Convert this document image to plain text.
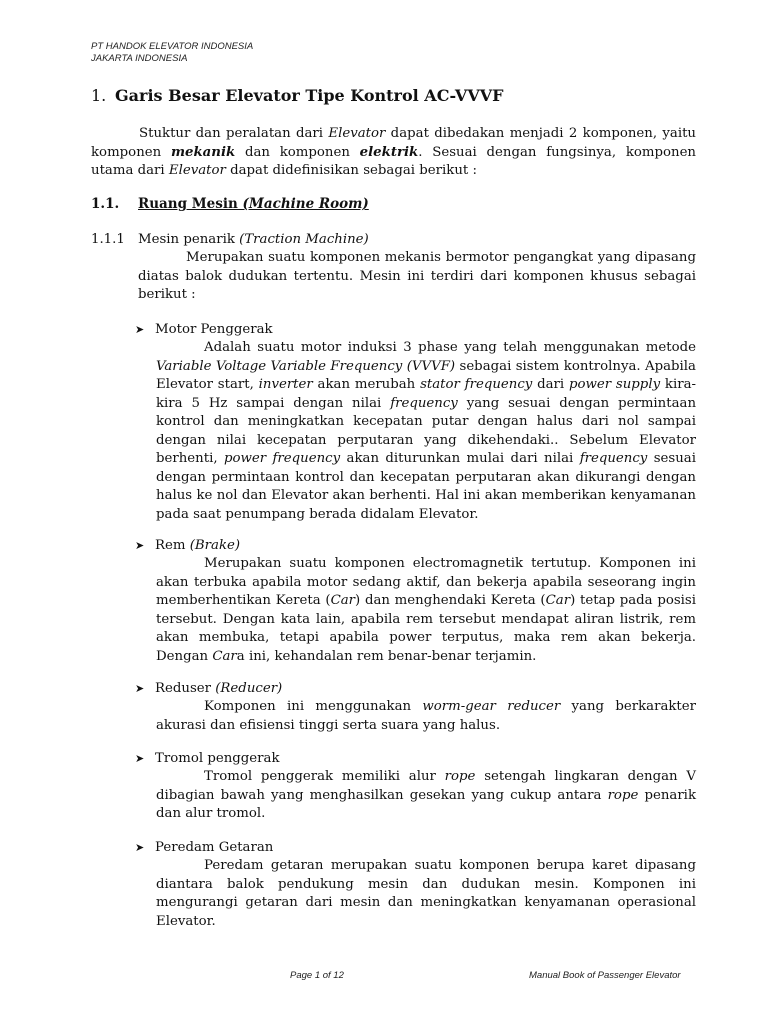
PT HANDOK ELEVATOR INDONESIA
JAKARTA INDONESIA
1. Garis Besar Elevator Tipe Kontrol AC-VVVF
Stuktur dan peralatan dari Elevator dapat dibedakan menjadi 2 komponen, yaitu komponen mekanik dan komponen elektrik. Sesuai dengan fungsinya, komponen utama dari Elevator dapat didefinisikan sebagai berikut :
1.1. Ruang Mesin (Machine Room)
1.1.1 Mesin penarik (Traction Machine)
Merupakan suatu komponen mekanis bermotor pengangkat yang dipasang diatas balok dudukan tertentu. Mesin ini terdiri dari komponen khusus sebagai berikut :
➤ Motor Penggerak
Adalah suatu motor induksi 3 phase yang telah menggunakan metode Variable Voltage Variable Frequency (VVVF) sebagai sistem kontrolnya. Apabila Elevator start, inverter akan merubah stator frequency dari power supply kira-kira 5 Hz sampai dengan nilai frequency yang sesuai dengan permintaan kontrol dan meningkatkan kecepatan putar dengan halus dari nol sampai dengan nilai kecepatan perputaran yang dikehendaki.. Sebelum Elevator berhenti, power frequency akan diturunkan mulai dari nilai frequency sesuai dengan permintaan kontrol dan kecepatan perputaran akan dikurangi dengan halus ke nol dan Elevator akan berhenti. Hal ini akan memberikan kenyamanan pada saat penumpang berada didalam Elevator.
➤ Rem (Brake)
Merupakan suatu komponen electromagnetik tertutup. Komponen ini akan terbuka apabila motor sedang aktif, dan bekerja apabila seseorang ingin memberhentikan Kereta (Car) dan menghendaki Kereta (Car) tetap pada posisi tersebut. Dengan kata lain, apabila rem tersebut mendapat aliran listrik, rem akan membuka, tetapi apabila power terputus, maka rem akan bekerja. Dengan Cara ini, kehandalan rem benar-benar terjamin.
➤ Reduser (Reducer)
Komponen ini menggunakan worm-gear reducer yang berkarakter akurasi dan efisiensi tinggi serta suara yang halus.
➤ Tromol penggerak
Tromol penggerak memiliki alur rope setengah lingkaran dengan V dibagian bawah yang menghasilkan gesekan yang cukup antara rope penarik dan alur tromol.
➤ Peredam Getaran
Peredam getaran merupakan suatu komponen berupa karet dipasang diantara balok pendukung mesin dan dudukan mesin. Komponen ini mengurangi getaran dari mesin dan meningkatkan kenyamanan operasional Elevator.
Page 1 of 12	Manual Book of Passenger Elevator
